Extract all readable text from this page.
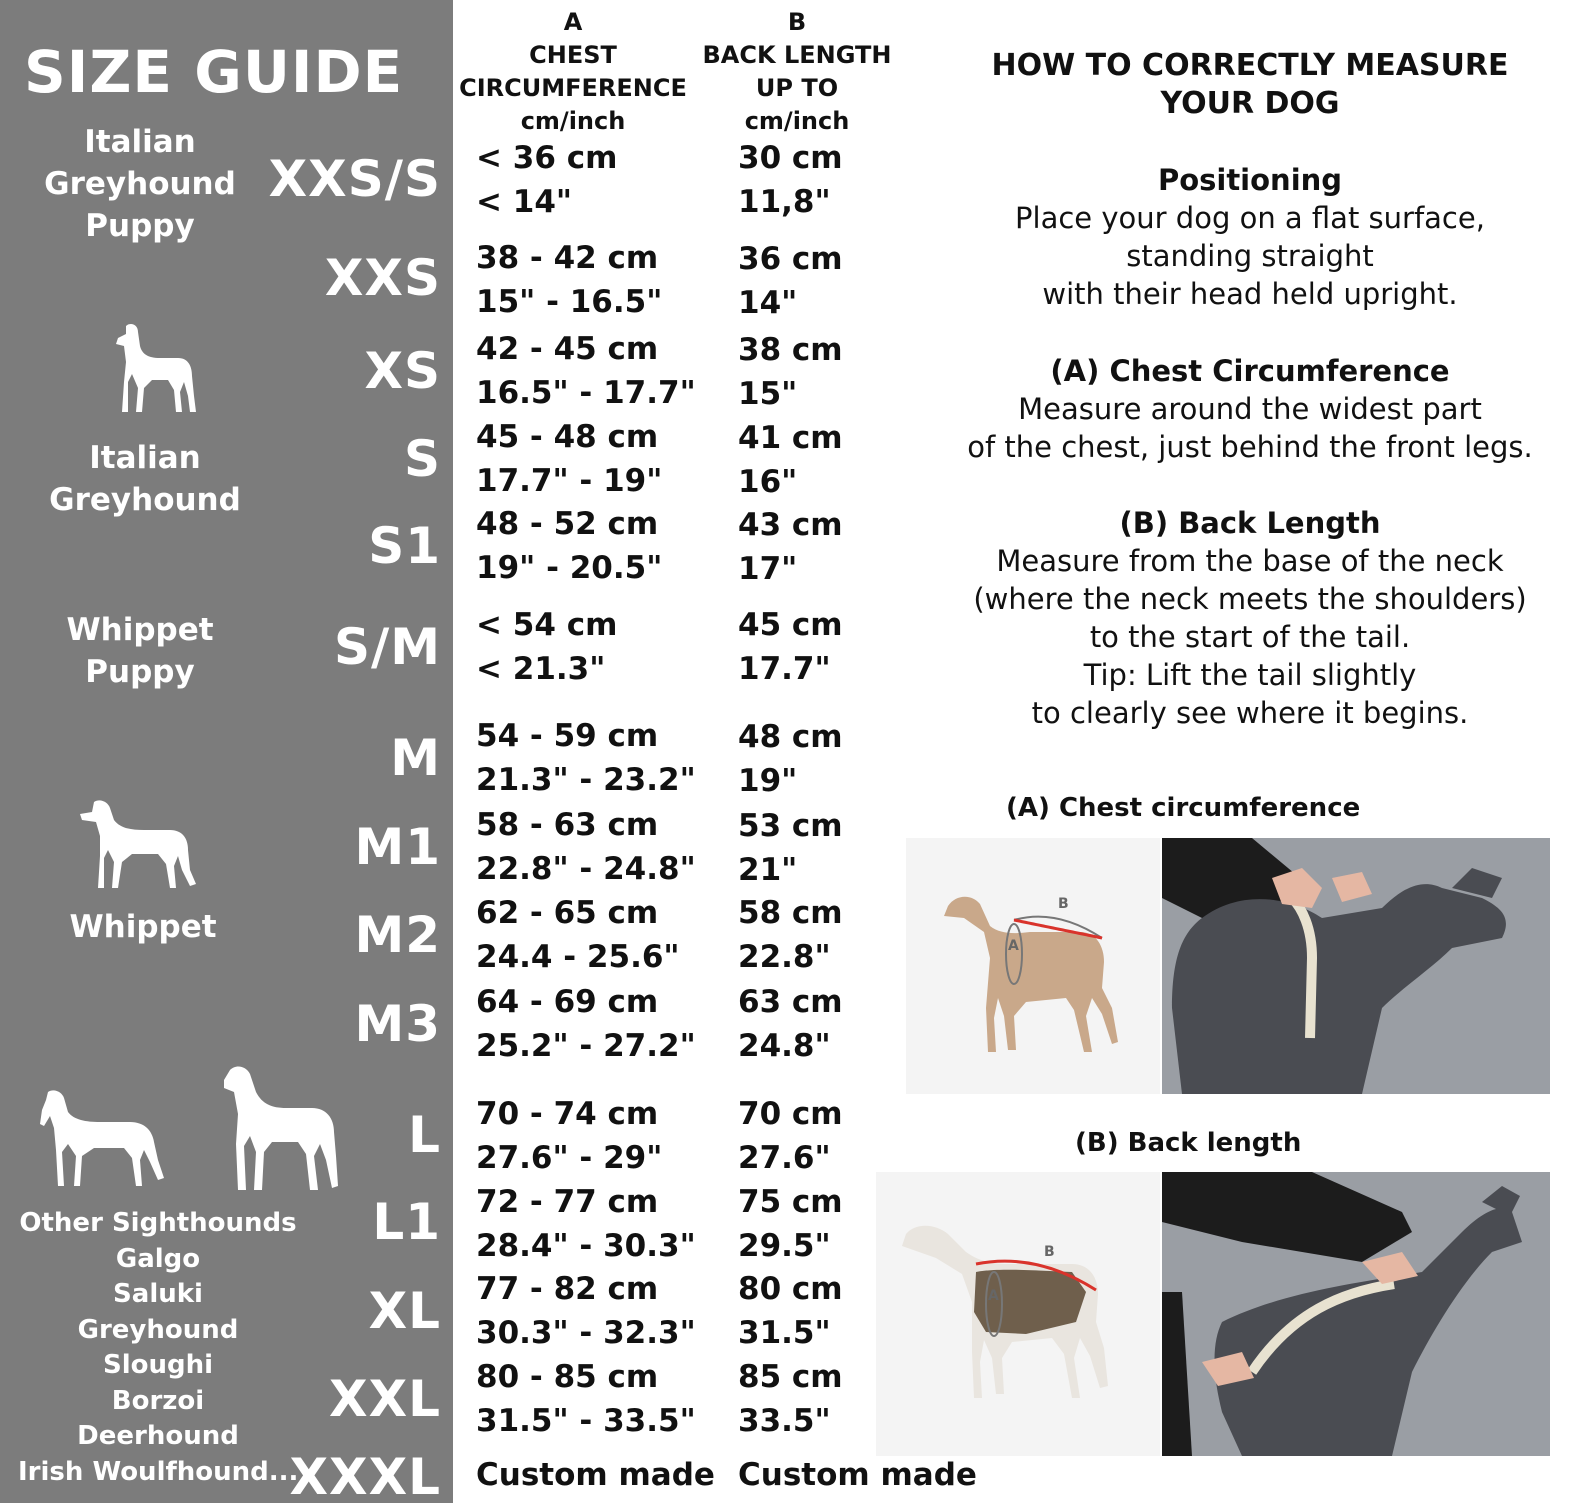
SIZE GUIDE
Italian
Greyhound
Puppy
Italian
Greyhound
Whippet
Puppy
Whippet
Other Sighthounds
Galgo
Saluki
Greyhound
Sloughi
Borzoi
Deerhound
Irish Woulfhound...
XXS/S
XXS
XS
S
S1
S/M
M
M1
M2
M3
L
L1
XL
XXL
XXXL
A
CHEST
CIRCUMFERENCE
cm/inch
B
BACK LENGTH
UP TO
cm/inch
< 36 cm
< 14"
30 cm
11,8"
38 - 42 cm
15" - 16.5"
36 cm
14"
42 - 45 cm
16.5" - 17.7"
38 cm
15"
45 - 48 cm
17.7" - 19"
41 cm
16"
48 - 52 cm
19" - 20.5"
43 cm
17"
< 54 cm
< 21.3"
45 cm
17.7"
54 - 59 cm
21.3" - 23.2"
48 cm
19"
58 - 63 cm
22.8" - 24.8"
53 cm
21"
62 - 65 cm
24.4 - 25.6"
58 cm
22.8"
64 - 69 cm
25.2" - 27.2"
63 cm
24.8"
70 - 74 cm
27.6" - 29"
70 cm
27.6"
72 - 77 cm
28.4" - 30.3"
75 cm
29.5"
77 - 82 cm
30.3" - 32.3"
80 cm
31.5"
80 - 85 cm
31.5" - 33.5"
85 cm
33.5"
Custom made Custom made
HOW TO CORRECTLY MEASURE
YOUR DOG
Positioning
Place your dog on a flat surface,
standing straight
with their head held upright.
(A) Chest Circumference
Measure around the widest part
of the chest, just behind the front legs.
(B) Back Length
Measure from the base of the neck
(where the neck meets the shoulders)
to the start of the tail.
Tip: Lift the tail slightly
to clearly see where it begins.
(A) Chest circumference
(B) Back length
B
A
B
A
